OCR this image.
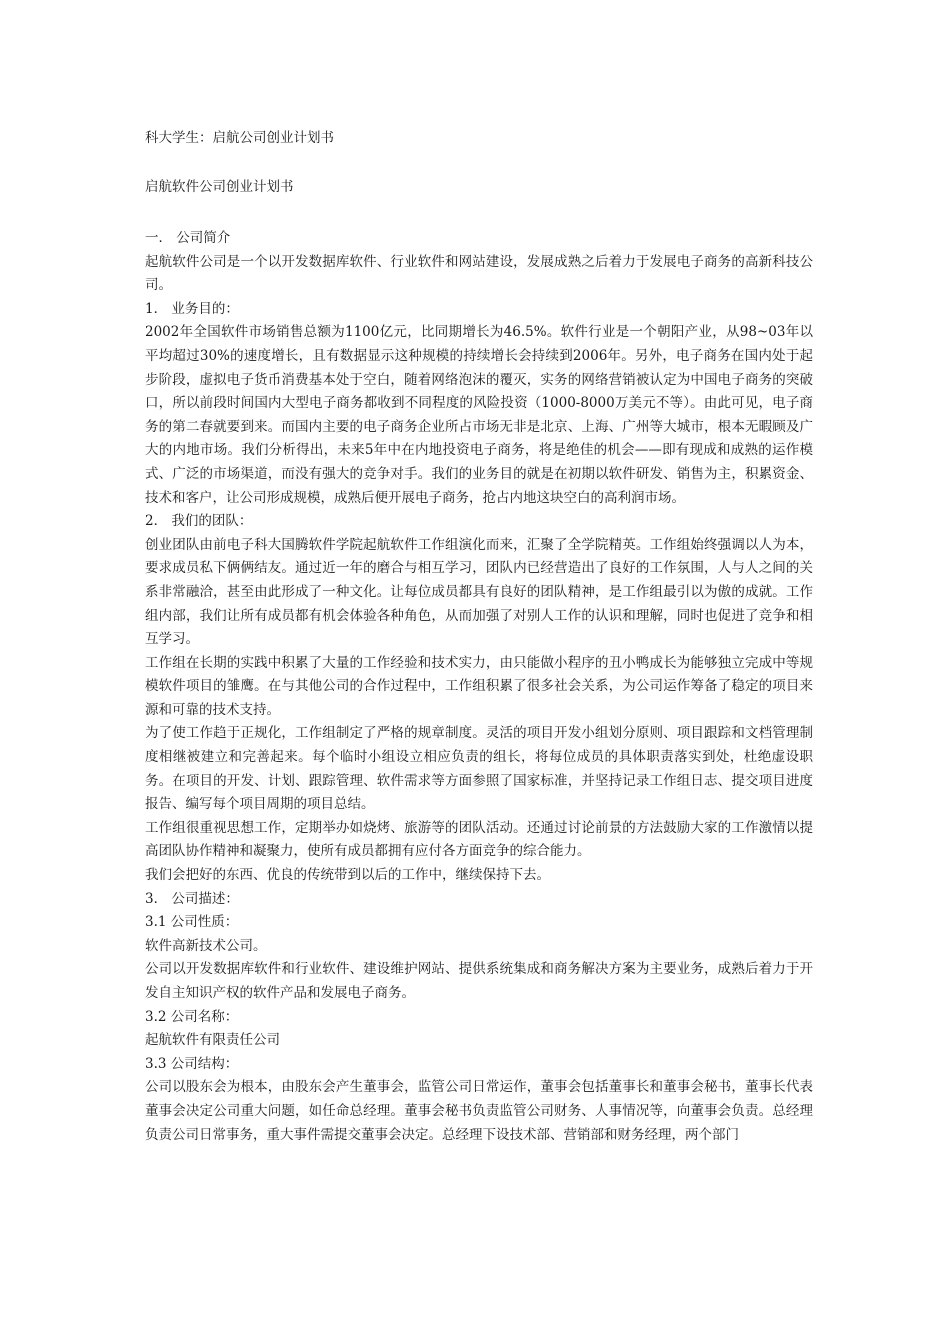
科大学生：启航公司创业计划书
启航软件公司创业计划书

一． 公司简介

起航软件公司是一个以开发数据库软件、行业软件和网站建设，发展成熟之后着力于发展电子商务的高新科技公司。

1． 业务目的：

2002年全国软件市场销售总额为1100亿元，比同期增长为46.5%。软件行业是一个朝阳产业，从98~03年以平均超过30%的速度增长，且有数据显示这种规模的持续增长会持续到2006年。另外，电子商务在国内处于起步阶段，虚拟电子货币消费基本处于空白，随着网络泡沫的覆灭，实务的网络营销被认定为中国电子商务的突破口，所以前段时间国内大型电子商务都收到不同程度的风险投资（1000-8000万美元不等）。由此可见，电子商务的第二春就要到来。而国内主要的电子商务企业所占市场无非是北京、上海、广州等大城市，根本无暇顾及广大的内地市场。我们分析得出，未来5年中在内地投资电子商务，将是绝佳的机会——即有现成和成熟的运作模式、广泛的市场渠道，而没有强大的竞争对手。我们的业务目的就是在初期以软件研发、销售为主，积累资金、技术和客户，让公司形成规模，成熟后便开展电子商务，抢占内地这块空白的高利润市场。

2． 我们的团队：

创业团队由前电子科大国腾软件学院起航软件工作组演化而来，汇聚了全学院精英。工作组始终强调以人为本，要求成员私下俩俩结友。通过近一年的磨合与相互学习，团队内已经营造出了良好的工作氛围，人与人之间的关系非常融洽，甚至由此形成了一种文化。让每位成员都具有良好的团队精神，是工作组最引以为傲的成就。工作组内部，我们让所有成员都有机会体验各种角色，从而加强了对别人工作的认识和理解，同时也促进了竞争和相互学习。

工作组在长期的实践中积累了大量的工作经验和技术实力，由只能做小程序的丑小鸭成长为能够独立完成中等规模软件项目的雏鹰。在与其他公司的合作过程中，工作组积累了很多社会关系，为公司运作筹备了稳定的项目来源和可靠的技术支持。

为了使工作趋于正规化，工作组制定了严格的规章制度。灵活的项目开发小组划分原则、项目跟踪和文档管理制度相继被建立和完善起来。每个临时小组设立相应负责的组长，将每位成员的具体职责落实到处，杜绝虚设职务。在项目的开发、计划、跟踪管理、软件需求等方面参照了国家标准，并坚持记录工作组日志、提交项目进度报告、编写每个项目周期的项目总结。

工作组很重视思想工作，定期举办如烧烤、旅游等的团队活动。还通过讨论前景的方法鼓励大家的工作激情以提高团队协作精神和凝聚力，使所有成员都拥有应付各方面竞争的综合能力。

我们会把好的东西、优良的传统带到以后的工作中，继续保持下去。

3． 公司描述：

3.1 公司性质：

软件高新技术公司。

公司以开发数据库软件和行业软件、建设维护网站、提供系统集成和商务解决方案为主要业务，成熟后着力于开发自主知识产权的软件产品和发展电子商务。

3.2 公司名称：

起航软件有限责任公司

3.3 公司结构：

公司以股东会为根本，由股东会产生董事会，监管公司日常运作，董事会包括董事长和董事会秘书，董事长代表董事会决定公司重大问题，如任命总经理。董事会秘书负责监管公司财务、人事情况等，向董事会负责。总经理负责公司日常事务，重大事件需提交董事会决定。总经理下设技术部、营销部和财务经理，两个部门
